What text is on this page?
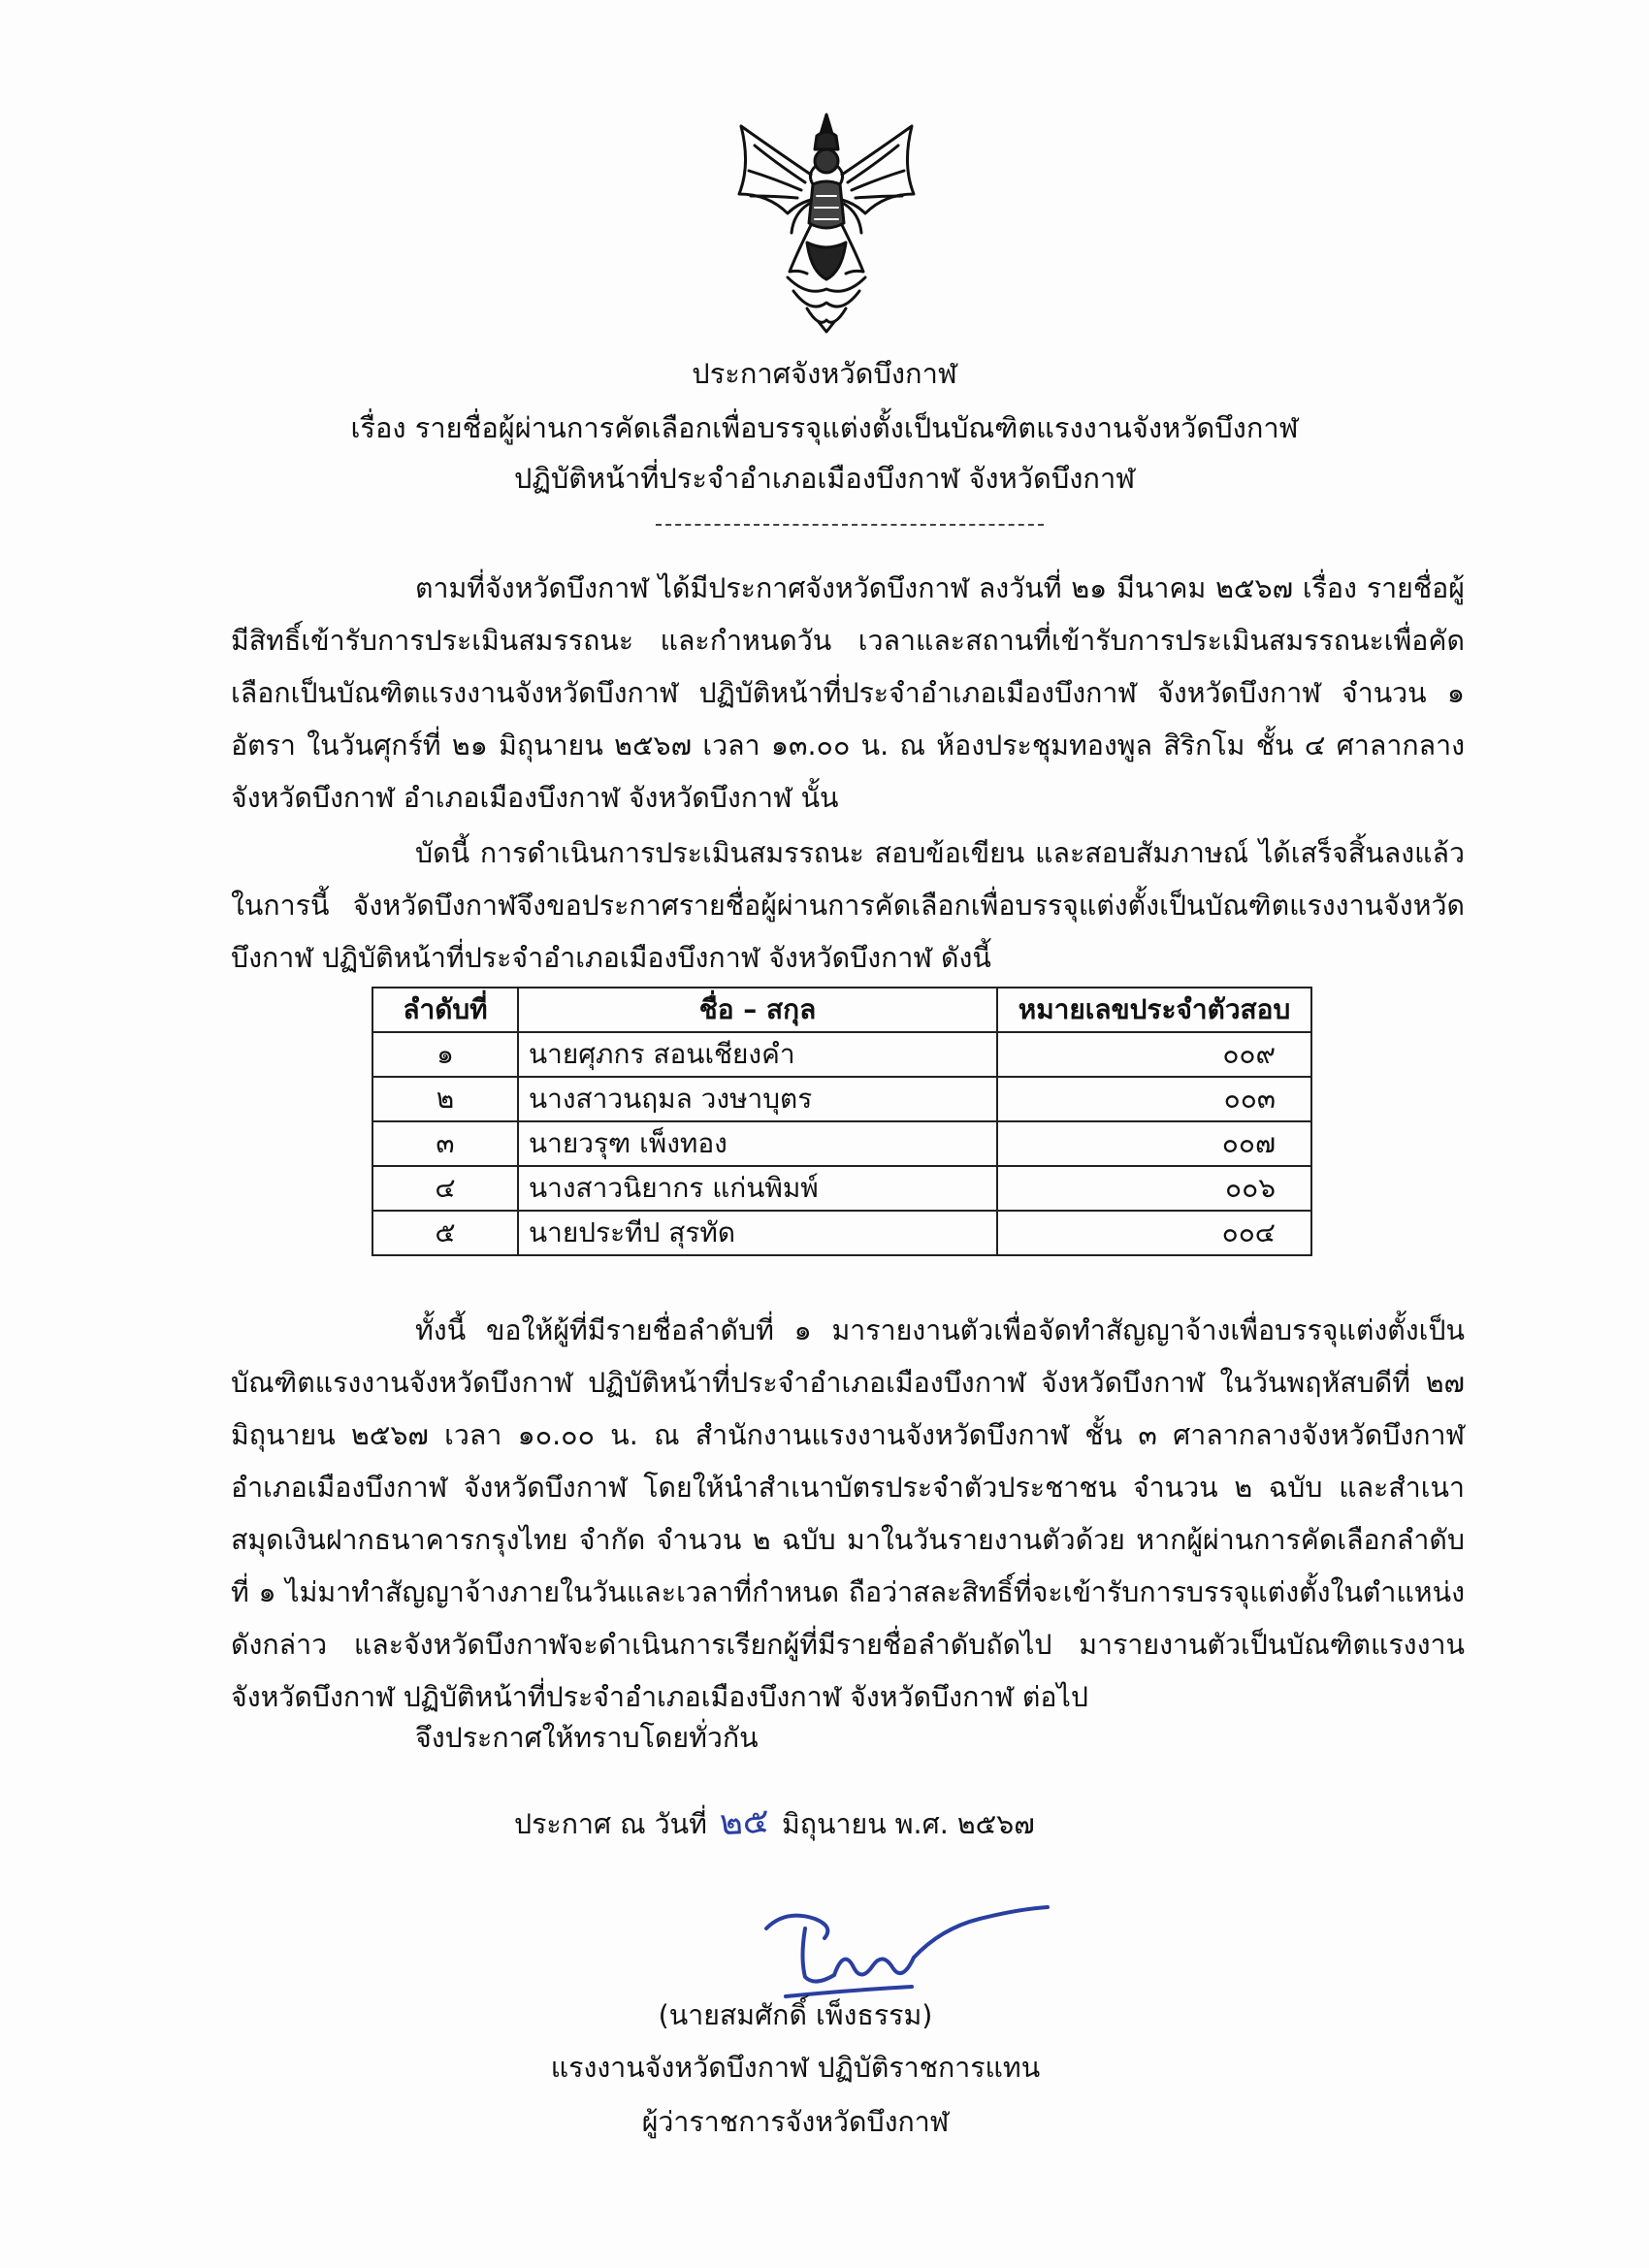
ประกาศจังหวัดบึงกาฬ
เรื่อง รายชื่อผู้ผ่านการคัดเลือกเพื่อบรรจุแต่งตั้งเป็นบัณฑิตแรงงานจังหวัดบึงกาฬ
ปฏิบัติหน้าที่ประจำอำเภอเมืองบึงกาฬ จังหวัดบึงกาฬ

ตามที่จังหวัดบึงกาฬ ได้มีประกาศจังหวัดบึงกาฬ ลงวันที่ ๒๑ มีนาคม ๒๕๖๗ เรื่อง รายชื่อผู้มีสิทธิ์เข้ารับการประเมินสมรรถนะ และกำหนดวัน เวลาและสถานที่เข้ารับการประเมินสมรรถนะเพื่อคัดเลือกเป็นบัณฑิตแรงงานจังหวัดบึงกาฬ ปฏิบัติหน้าที่ประจำอำเภอเมืองบึงกาฬ จังหวัดบึงกาฬ จำนวน ๑ อัตรา ในวันศุกร์ที่ ๒๑ มิถุนายน ๒๕๖๗ เวลา ๑๓.๐๐ น. ณ ห้องประชุมทองพูล สิริกโม ชั้น ๔ ศาลากลางจังหวัดบึงกาฬ อำเภอเมืองบึงกาฬ จังหวัดบึงกาฬ นั้น

บัดนี้ การดำเนินการประเมินสมรรถนะ สอบข้อเขียน และสอบสัมภาษณ์ ได้เสร็จสิ้นลงแล้ว ในการนี้ จังหวัดบึงกาฬจึงขอประกาศรายชื่อผู้ผ่านการคัดเลือกเพื่อบรรจุแต่งตั้งเป็นบัณฑิตแรงงานจังหวัดบึงกาฬ ปฏิบัติหน้าที่ประจำอำเภอเมืองบึงกาฬ จังหวัดบึงกาฬ ดังนี้

ลำดับที่	ชื่อ – สกุล	หมายเลขประจำตัวสอบ
๑	นายศุภกร สอนเชียงคำ	๐๐๙
๒	นางสาวนฤมล วงษาบุตร	๐๐๓
๓	นายวรุฑ เพ็งทอง	๐๐๗
๔	นางสาวนิยากร แก่นพิมพ์	๐๐๖
๕	นายประทีป สุรทัด	๐๐๔

ทั้งนี้ ขอให้ผู้ที่มีรายชื่อลำดับที่ ๑ มารายงานตัวเพื่อจัดทำสัญญาจ้างเพื่อบรรจุแต่งตั้งเป็นบัณฑิตแรงงานจังหวัดบึงกาฬ ปฏิบัติหน้าที่ประจำอำเภอเมืองบึงกาฬ จังหวัดบึงกาฬ ในวันพฤหัสบดีที่ ๒๗ มิถุนายน ๒๕๖๗ เวลา ๑๐.๐๐ น. ณ สำนักงานแรงงานจังหวัดบึงกาฬ ชั้น ๓ ศาลากลางจังหวัดบึงกาฬ อำเภอเมืองบึงกาฬ จังหวัดบึงกาฬ โดยให้นำสำเนาบัตรประจำตัวประชาชน จำนวน ๒ ฉบับ และสำเนาสมุดเงินฝากธนาคารกรุงไทย จำกัด จำนวน ๒ ฉบับ มาในวันรายงานตัวด้วย หากผู้ผ่านการคัดเลือกลำดับที่ ๑ ไม่มาทำสัญญาจ้างภายในวันและเวลาที่กำหนด ถือว่าสละสิทธิ์ที่จะเข้ารับการบรรจุแต่งตั้งในตำแหน่งดังกล่าว และจังหวัดบึงกาฬจะดำเนินการเรียกผู้ที่มีรายชื่อลำดับถัดไป มารายงานตัวเป็นบัณฑิตแรงงานจังหวัดบึงกาฬ ปฏิบัติหน้าที่ประจำอำเภอเมืองบึงกาฬ จังหวัดบึงกาฬ ต่อไป

จึงประกาศให้ทราบโดยทั่วกัน
ประกาศ ณ วันที่ ๒๕ มิถุนายน พ.ศ. ๒๕๖๗
(นายสมศักดิ์ เพ็งธรรม)
แรงงานจังหวัดบึงกาฬ ปฏิบัติราชการแทน
ผู้ว่าราชการจังหวัดบึงกาฬ
